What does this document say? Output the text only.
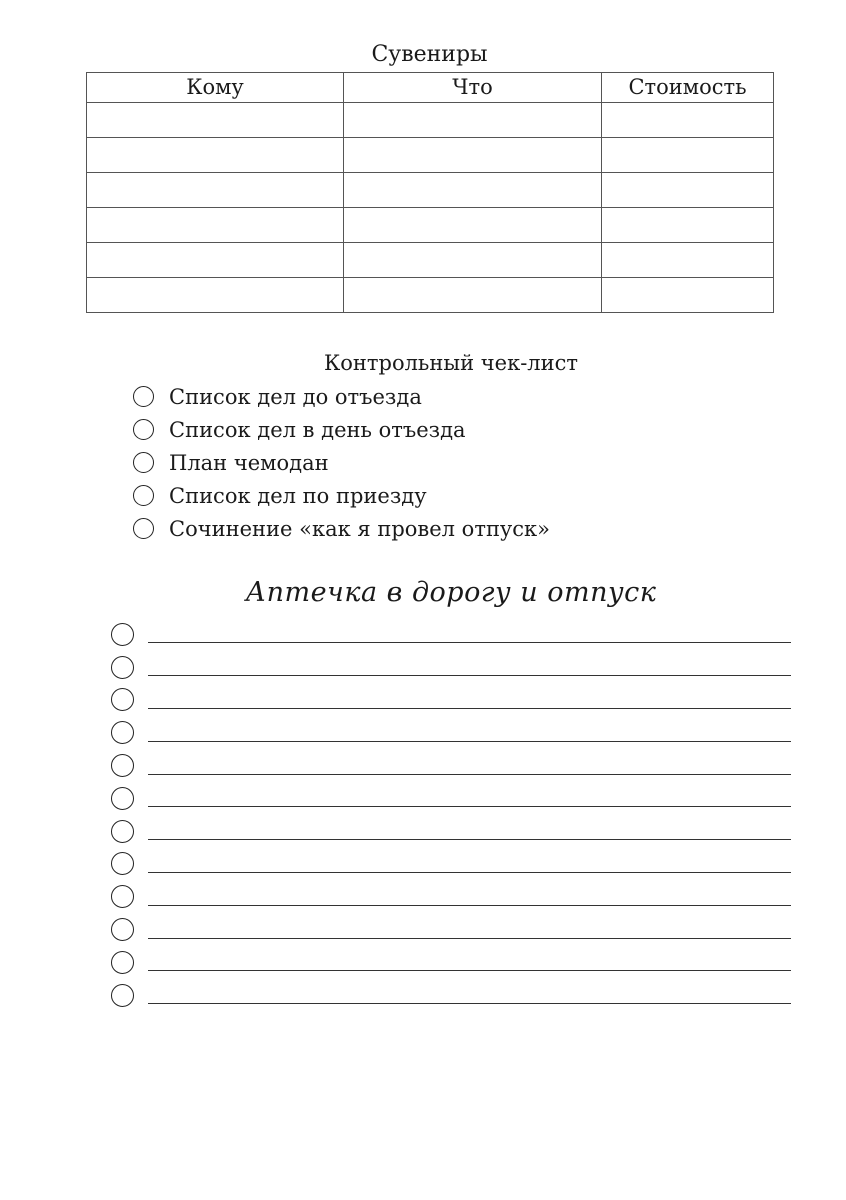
Сувениры
Кому	Что	Стоимость

Контрольный чек-лист
Список дел до отъезда
Список дел в день отъезда
План чемодан
Список дел по приезду
Сочинение «как я провел отпуск»
Аптечка в дорогу и отпуск
